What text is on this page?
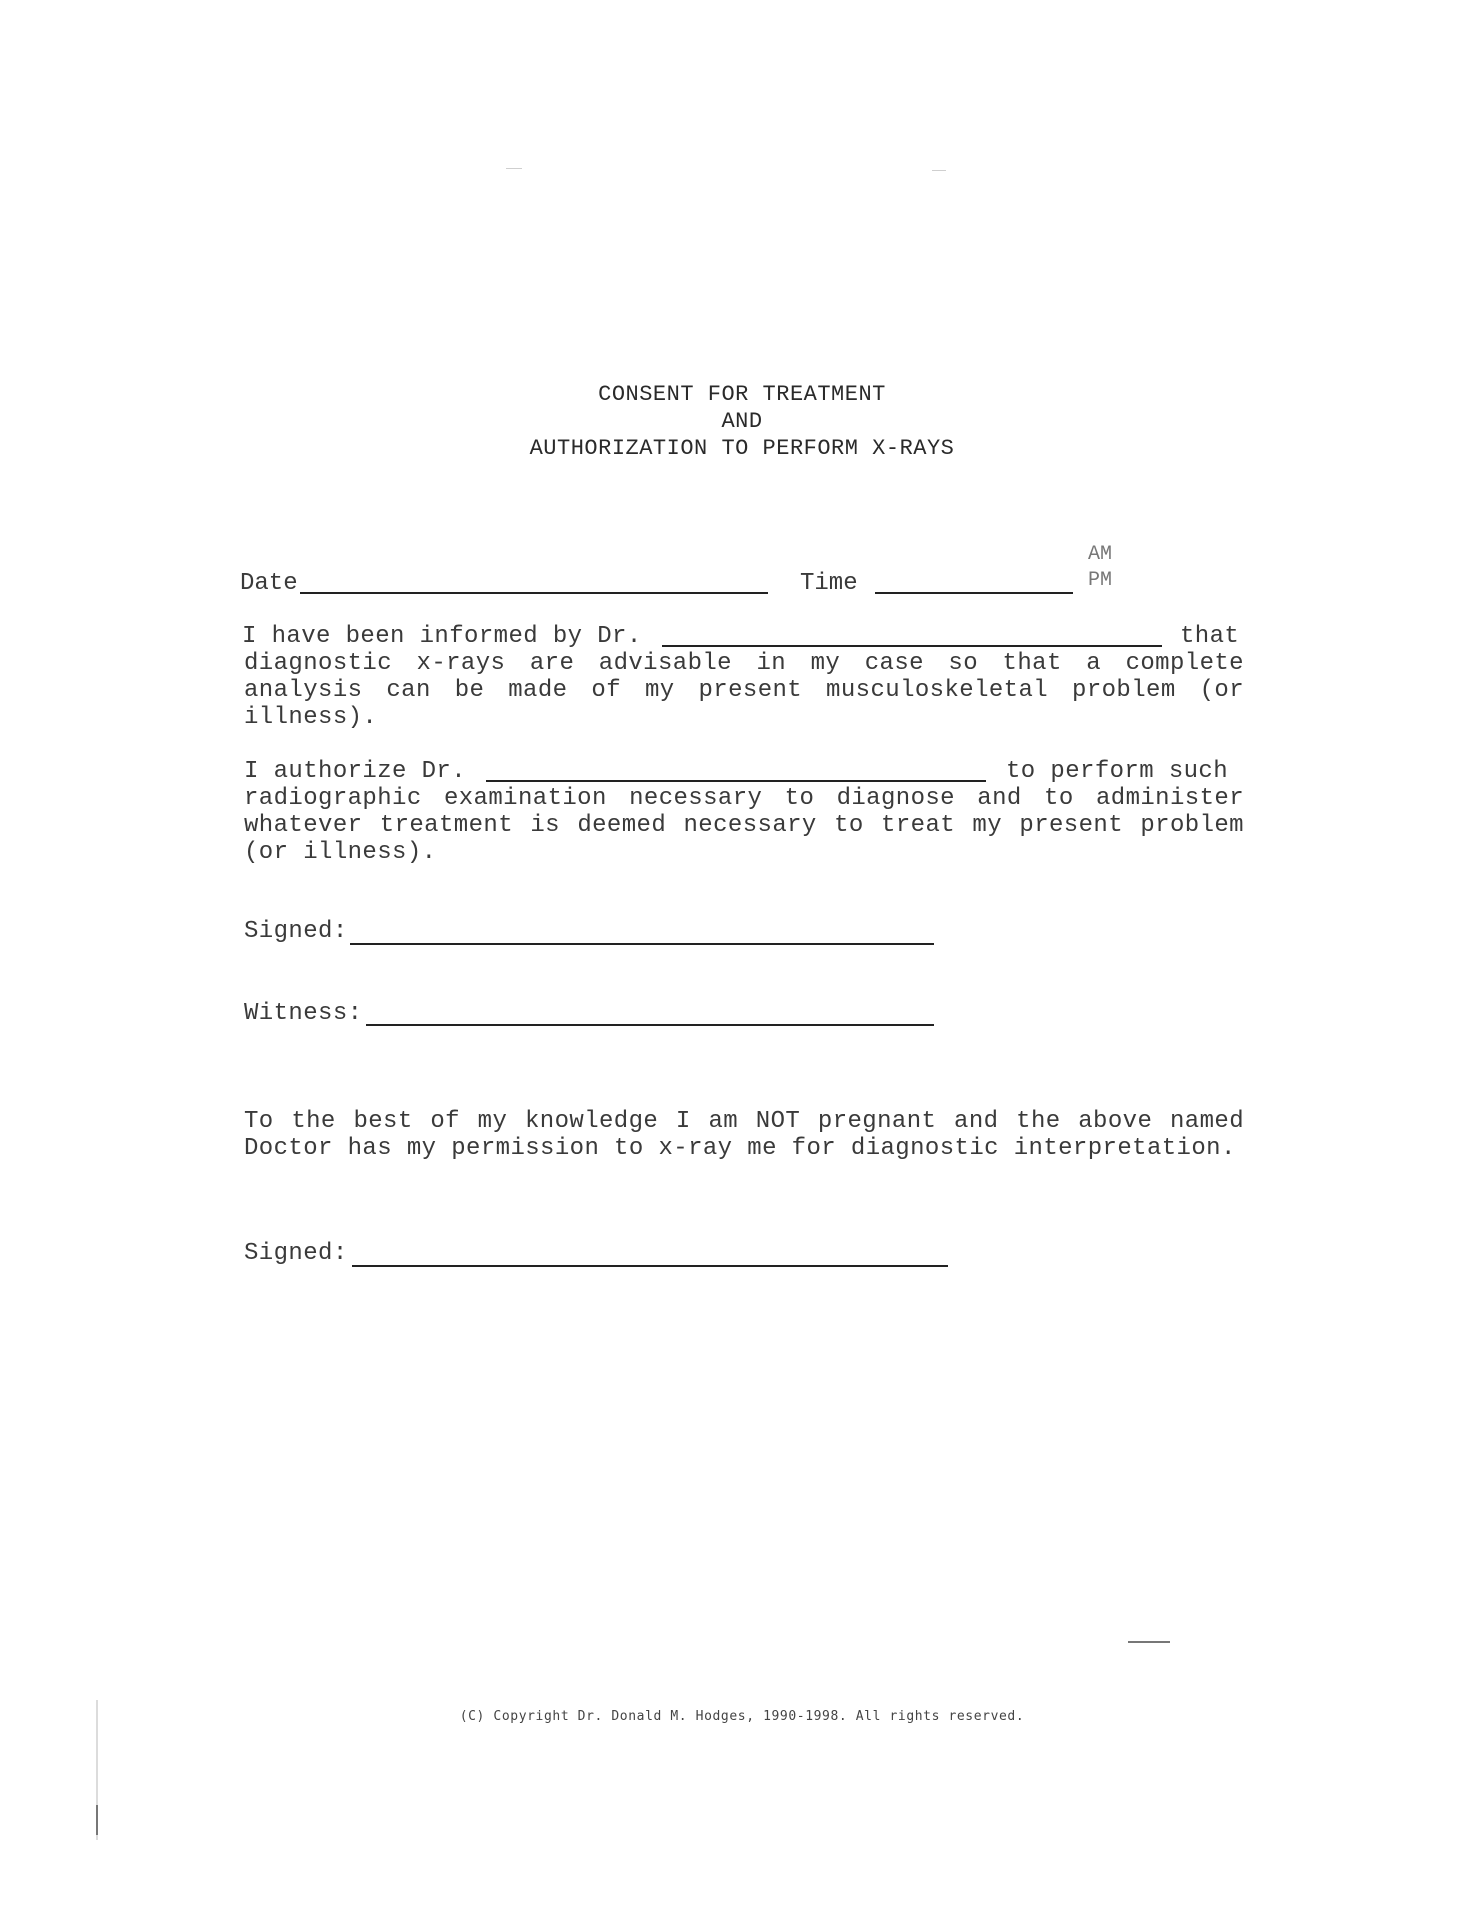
CONSENT FOR TREATMENT
AND
AUTHORIZATION TO PERFORM X-RAYS
Date	Time
AM
PM
I have been informed by Dr.	that
diagnostic x-rays are advisable in my case so that a complete
analysis can be made of my present musculoskeletal problem (or
illness).
I authorize Dr.	to perform such
radiographic examination necessary to diagnose and to administer
whatever treatment is deemed necessary to treat my present problem
(or illness).
Signed:
Witness:
To the best of my knowledge I am NOT pregnant and the above named
Doctor has my permission to x-ray me for diagnostic interpretation.
Signed:
(C) Copyright Dr. Donald M. Hodges, 1990-1998. All rights reserved.
